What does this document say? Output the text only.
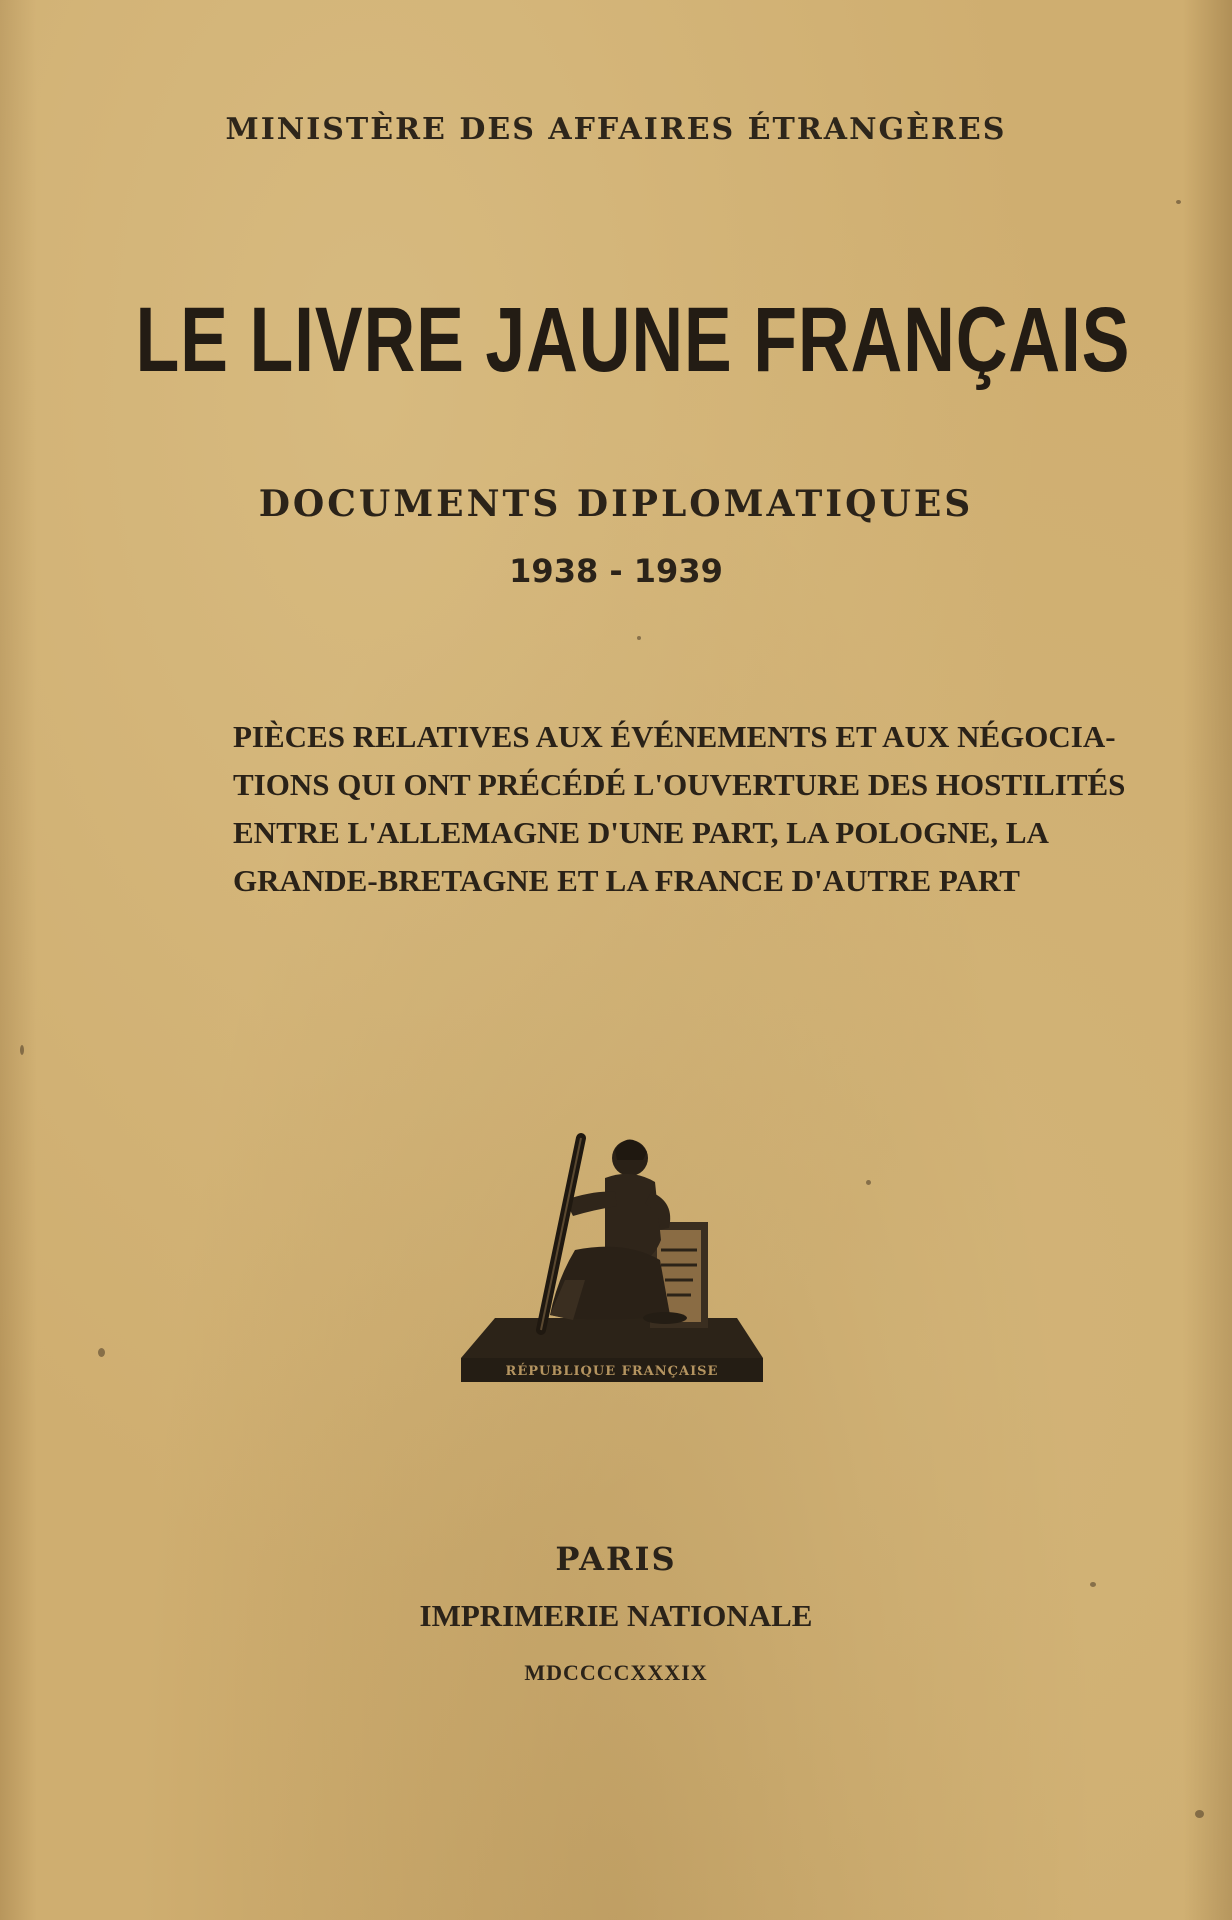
MINISTÈRE DES AFFAIRES ÉTRANGÈRES
LE LIVRE JAUNE FRANÇAIS
DOCUMENTS DIPLOMATIQUES
1938 - 1939
PIÈCES RELATIVES AUX ÉVÉNEMENTS ET AUX NÉGOCIA-
TIONS QUI ONT PRÉCÉDÉ L'OUVERTURE DES HOSTILITÉS
ENTRE L'ALLEMAGNE D'UNE PART, LA POLOGNE, LA
GRANDE-BRETAGNE ET LA FRANCE D'AUTRE PART
RÉPUBLIQUE FRANÇAISE
PARIS
IMPRIMERIE NATIONALE
MDCCCCXXXIX
